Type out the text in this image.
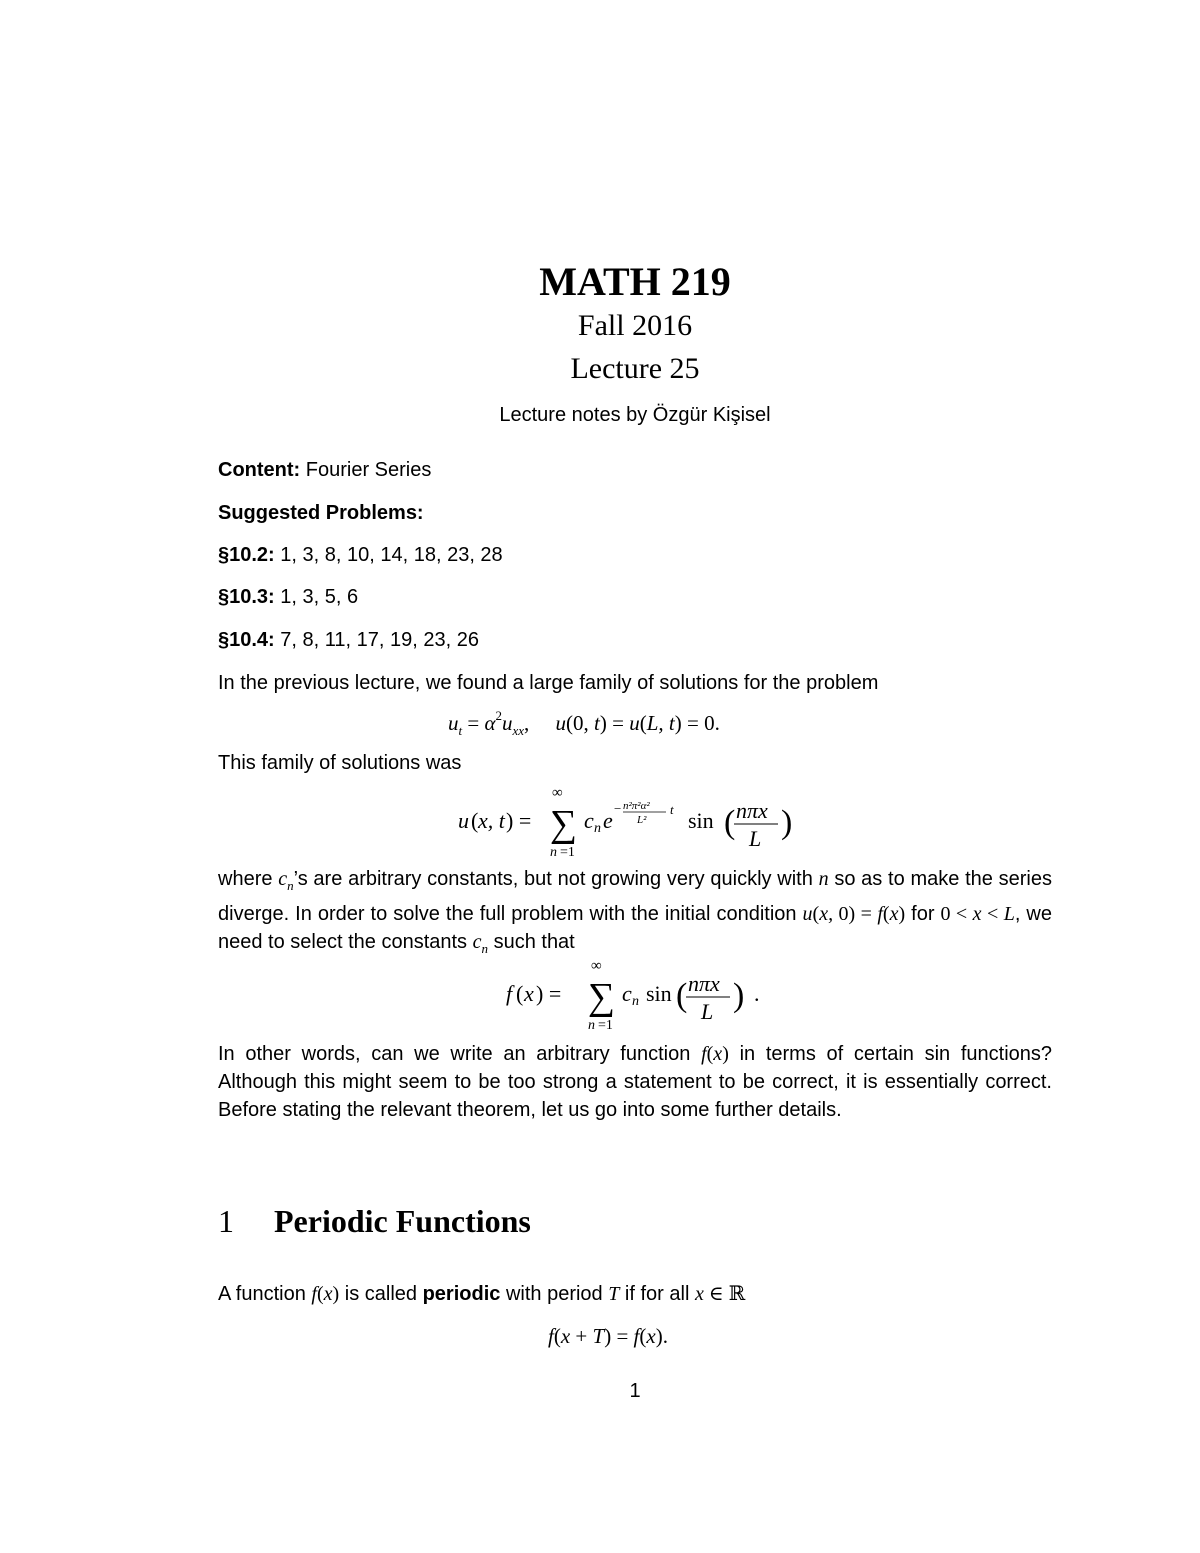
MATH 219
Fall 2016
Lecture 25
Lecture notes by Özgür Kişisel
Content: Fourier Series
Suggested Problems:
§10.2: 1, 3, 8, 10, 14, 18, 23, 28
§10.3: 1, 3, 5, 6
§10.4: 7, 8, 11, 17, 19, 23, 26
In the previous lecture, we found a large family of solutions for the problem
$u_t = \alpha^2u_{xx}$,     u(0, t) = u(L, t) = 0.
This family of solutions was
u ( x, t ) =
∞
∑
n =1
c n e − n²π²α²
L²
t sin ( nπx
L )
where $c_n’s$ are arbitrary constants, but not growing very quickly with n so as to make the series diverge. In order to solve the full problem with the initial condition u(x, 0) = f(x) for 0 < x < L, we need to select the constants $c_n$ such that
f ( x ) =
∞
∑
n =1
c n sin ( nπx
L ) .
In other words, can we write an arbitrary function f(x) in terms of certain sin functions? Although this might seem to be too strong a statement to be correct, it is essentially correct. Before stating the relevant theorem, let us go into some further details.
1 Periodic Functions
A function f(x) is called periodic with period T if for all x ∈ ℝ
f(x + T) = f(x).
1
